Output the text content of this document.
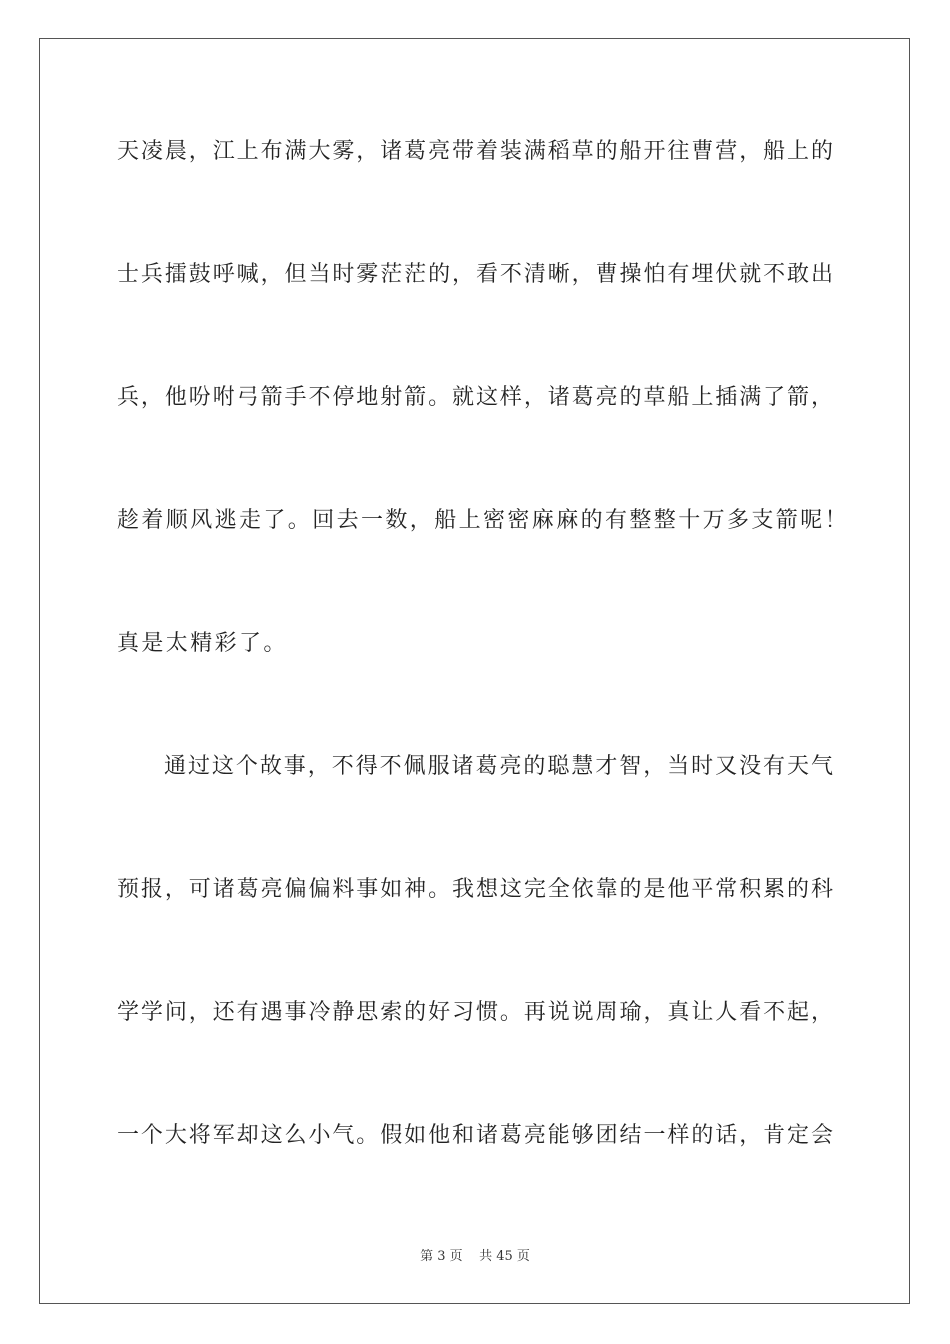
天凌晨，江上布满大雾，诸葛亮带着装满稻草的船开往曹营，船上的
士兵擂鼓呼喊，但当时雾茫茫的，看不清晰，曹操怕有埋伏就不敢出
兵，他吩咐弓箭手不停地射箭。就这样，诸葛亮的草船上插满了箭，
趁着顺风逃走了。回去一数，船上密密麻麻的有整整十万多支箭呢！
真是太精彩了。
通过这个故事，不得不佩服诸葛亮的聪慧才智，当时又没有天气
预报，可诸葛亮偏偏料事如神。我想这完全依靠的是他平常积累的科
学学问，还有遇事冷静思索的好习惯。再说说周瑜，真让人看不起，
一个大将军却这么小气。假如他和诸葛亮能够团结一样的话，肯定会
第 3 页    共 45 页
